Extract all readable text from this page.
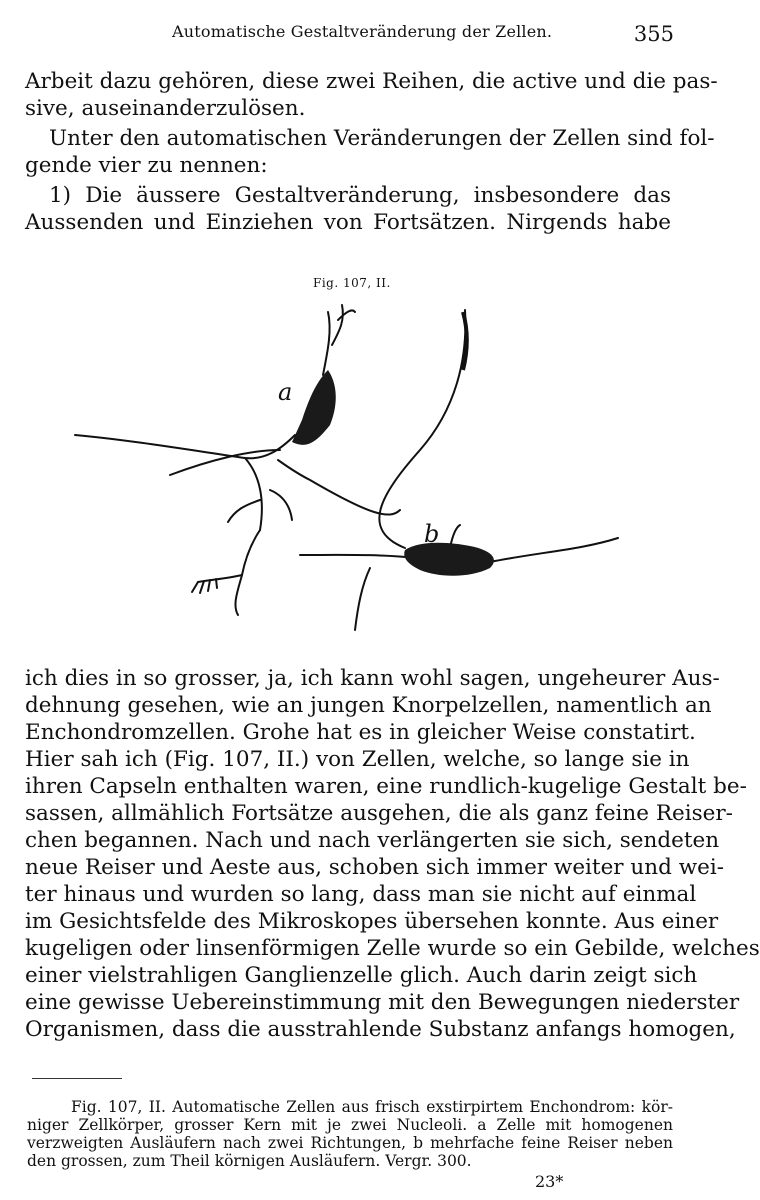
Automatische Gestaltveränderung der Zellen.	355
Arbeit dazu gehören, diese zwei Reihen, die active und die pas-
sive, auseinanderzulösen.
Unter den automatischen Veränderungen der Zellen sind fol-
gende vier zu nennen:
1) Die äussere Gestaltveränderung, insbesondere das
Aussenden und Einziehen von Fortsätzen. Nirgends habe
Fig. 107, II.
a
b
ich dies in so grosser, ja, ich kann wohl sagen, ungeheurer Aus-
dehnung gesehen, wie an jungen Knorpelzellen, namentlich an
Enchondromzellen. Grohe hat es in gleicher Weise constatirt.
Hier sah ich (Fig. 107, II.) von Zellen, welche, so lange sie in
ihren Capseln enthalten waren, eine rundlich-kugelige Gestalt be-
sassen, allmählich Fortsätze ausgehen, die als ganz feine Reiser-
chen begannen. Nach und nach verlängerten sie sich, sendeten
neue Reiser und Aeste aus, schoben sich immer weiter und wei-
ter hinaus und wurden so lang, dass man sie nicht auf einmal
im Gesichtsfelde des Mikroskopes übersehen konnte. Aus einer
kugeligen oder linsenförmigen Zelle wurde so ein Gebilde, welches
einer vielstrahligen Ganglienzelle glich. Auch darin zeigt sich
eine gewisse Uebereinstimmung mit den Bewegungen niederster
Organismen, dass die ausstrahlende Substanz anfangs homogen,
Fig. 107, II. Automatische Zellen aus frisch exstirpirtem Enchondrom: kör-
niger Zellkörper, grosser Kern mit je zwei Nucleoli. a Zelle mit homogenen
verzweigten Ausläufern nach zwei Richtungen, b mehrfache feine Reiser neben
den grossen, zum Theil körnigen Ausläufern. Vergr. 300.
23*
